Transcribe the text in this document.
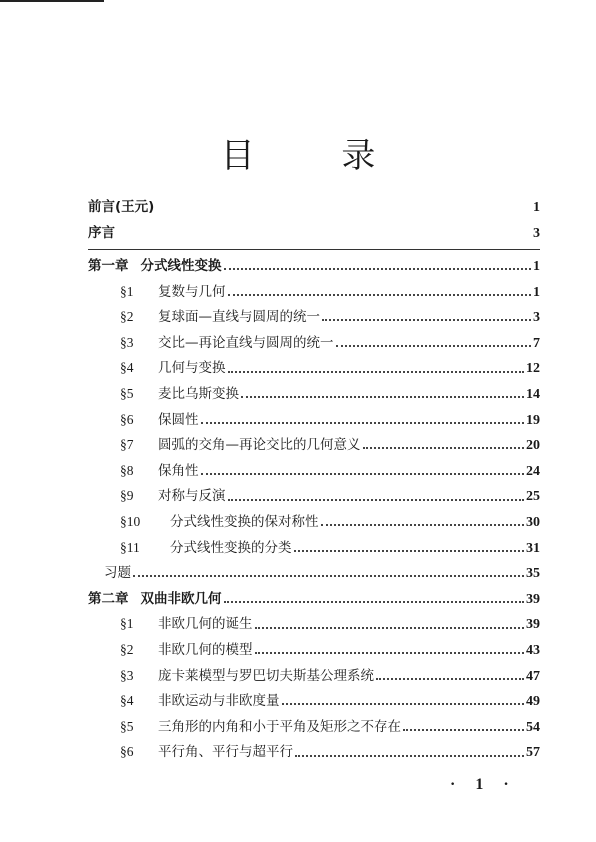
目 录
前言(王元)	1
序言	3
第一章 分式线性变换	1
§1 复数与几何	1
§2 复球面—直线与圆周的统一	3
§3 交比—再论直线与圆周的统一	7
§4 几何与变换	12
§5 麦比乌斯变换	14
§6 保圆性	19
§7 圆弧的交角—再论交比的几何意义	20
§8 保角性	24
§9 对称与反演	25
§10 分式线性变换的保对称性	30
§11 分式线性变换的分类	31
习题	35
第二章 双曲非欧几何	39
§1 非欧几何的诞生	39
§2 非欧几何的模型	43
§3 庞卡莱模型与罗巴切夫斯基公理系统	47
§4 非欧运动与非欧度量	49
§5 三角形的内角和小于平角及矩形之不存在	54
§6 平行角、平行与超平行	57
· 1 ·
